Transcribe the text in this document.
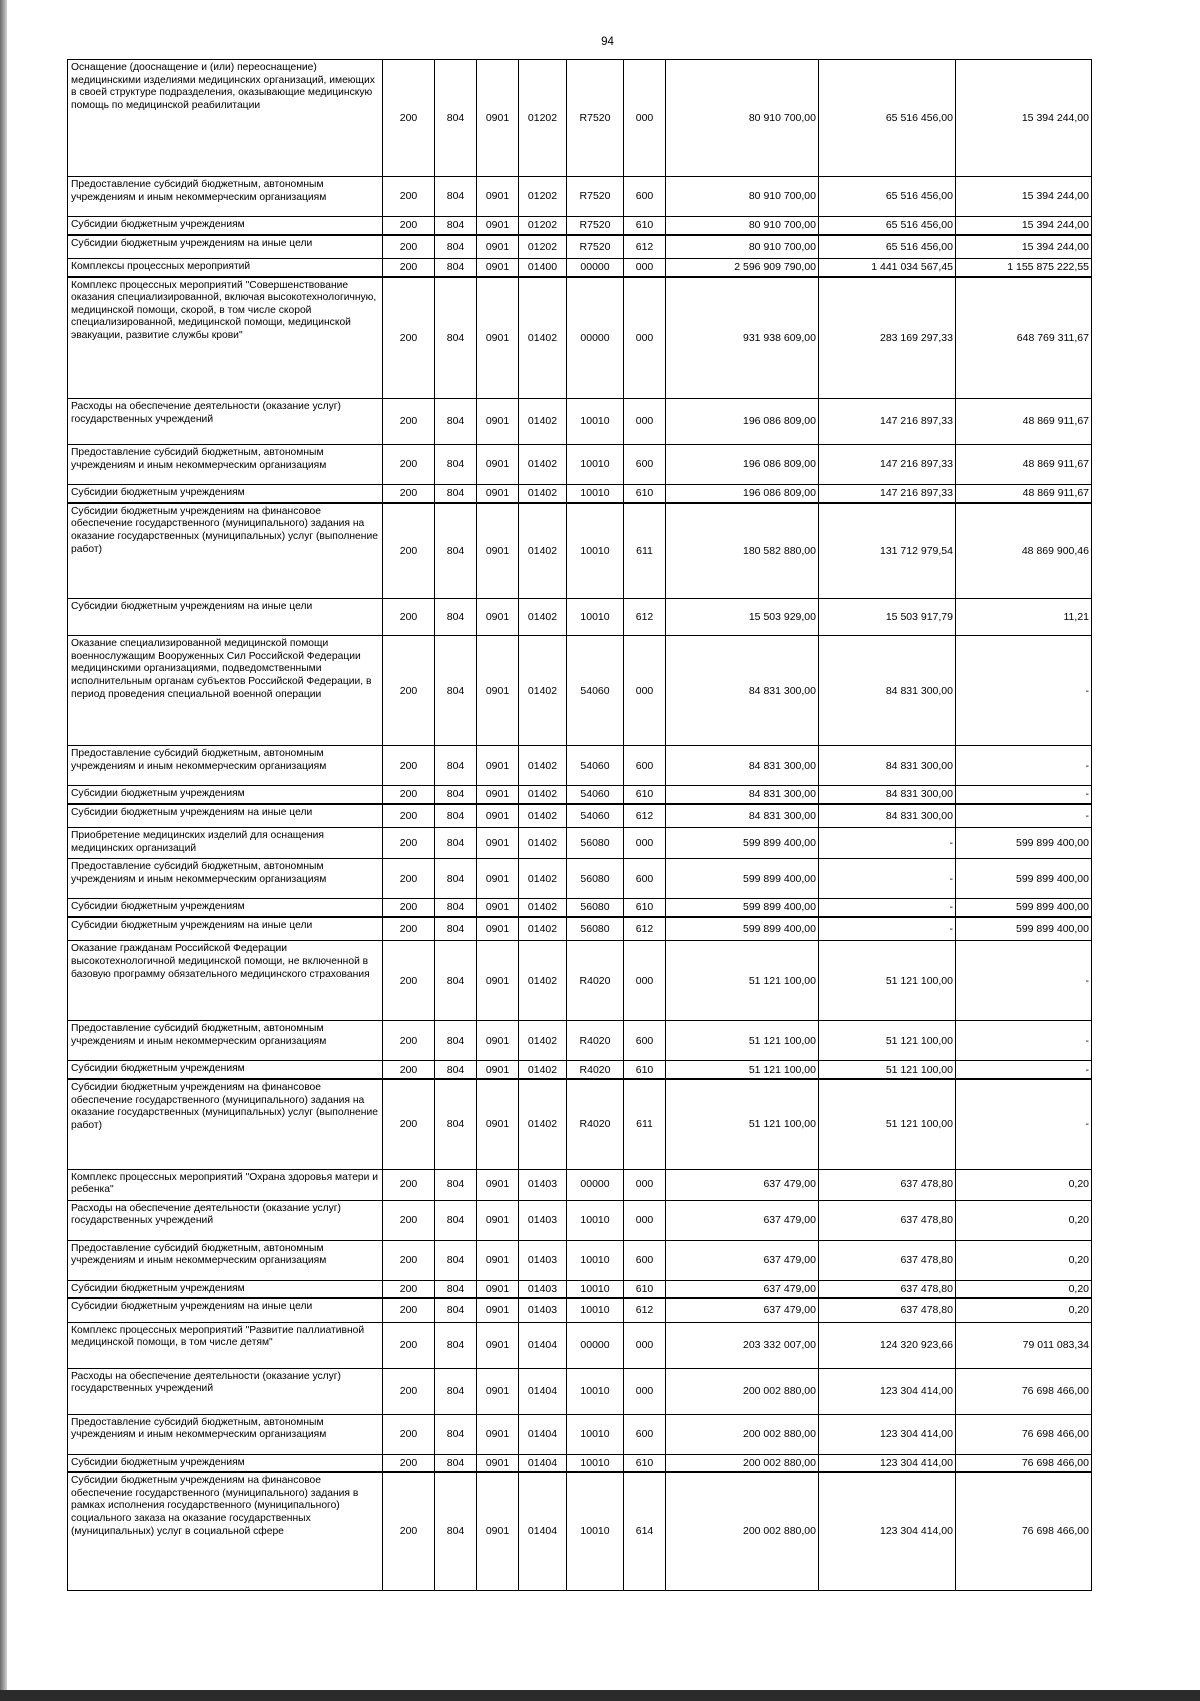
94
Оснащение (дооснащение и (или) переоснащение) медицинскими изделиями медицинских организаций, имеющих в своей структуре подразделения, оказывающие медицинскую помощь по медицинской реабилитации	200	804	0901	01202	R7520	000	80 910 700,00	65 516 456,00	15 394 244,00
Предоставление субсидий бюджетным, автономным учреждениям и иным некоммерческим организациям	200	804	0901	01202	R7520	600	80 910 700,00	65 516 456,00	15 394 244,00
Субсидии бюджетным учреждениям	200	804	0901	01202	R7520	610	80 910 700,00	65 516 456,00	15 394 244,00
Субсидии бюджетным учреждениям на иные цели	200	804	0901	01202	R7520	612	80 910 700,00	65 516 456,00	15 394 244,00
Комплексы процессных мероприятий	200	804	0901	01400	00000	000	2 596 909 790,00	1 441 034 567,45	1 155 875 222,55
Комплекс процессных мероприятий "Совершенствование оказания специализированной, включая высокотехнологичную, медицинской помощи, скорой, в том числе скорой специализированной, медицинской помощи, медицинской эвакуации, развитие службы крови"	200	804	0901	01402	00000	000	931 938 609,00	283 169 297,33	648 769 311,67
Расходы на обеспечение деятельности (оказание услуг) государственных учреждений	200	804	0901	01402	10010	000	196 086 809,00	147 216 897,33	48 869 911,67
Предоставление субсидий бюджетным, автономным учреждениям и иным некоммерческим организациям	200	804	0901	01402	10010	600	196 086 809,00	147 216 897,33	48 869 911,67
Субсидии бюджетным учреждениям	200	804	0901	01402	10010	610	196 086 809,00	147 216 897,33	48 869 911,67
Субсидии бюджетным учреждениям на финансовое обеспечение государственного (муниципального) задания на оказание государственных (муниципальных) услуг (выполнение работ)	200	804	0901	01402	10010	611	180 582 880,00	131 712 979,54	48 869 900,46
Субсидии бюджетным учреждениям на иные цели	200	804	0901	01402	10010	612	15 503 929,00	15 503 917,79	11,21
Оказание специализированной медицинской помощи военнослужащим Вооруженных Сил Российской Федерации медицинскими организациями, подведомственными исполнительным органам субъектов Российской Федерации, в период проведения специальной военной операции	200	804	0901	01402	54060	000	84 831 300,00	84 831 300,00	-
Предоставление субсидий бюджетным, автономным учреждениям и иным некоммерческим организациям	200	804	0901	01402	54060	600	84 831 300,00	84 831 300,00	-
Субсидии бюджетным учреждениям	200	804	0901	01402	54060	610	84 831 300,00	84 831 300,00	-
Субсидии бюджетным учреждениям на иные цели	200	804	0901	01402	54060	612	84 831 300,00	84 831 300,00	-
Приобретение медицинских изделий для оснащения медицинских организаций	200	804	0901	01402	56080	000	599 899 400,00	-	599 899 400,00
Предоставление субсидий бюджетным, автономным учреждениям и иным некоммерческим организациям	200	804	0901	01402	56080	600	599 899 400,00	-	599 899 400,00
Субсидии бюджетным учреждениям	200	804	0901	01402	56080	610	599 899 400,00	-	599 899 400,00
Субсидии бюджетным учреждениям на иные цели	200	804	0901	01402	56080	612	599 899 400,00	-	599 899 400,00
Оказание гражданам Российской Федерации высокотехнологичной медицинской помощи, не включенной в базовую программу обязательного медицинского страхования	200	804	0901	01402	R4020	000	51 121 100,00	51 121 100,00	-
Предоставление субсидий бюджетным, автономным учреждениям и иным некоммерческим организациям	200	804	0901	01402	R4020	600	51 121 100,00	51 121 100,00	-
Субсидии бюджетным учреждениям	200	804	0901	01402	R4020	610	51 121 100,00	51 121 100,00	-
Субсидии бюджетным учреждениям на финансовое обеспечение государственного (муниципального) задания на оказание государственных (муниципальных) услуг (выполнение работ)	200	804	0901	01402	R4020	611	51 121 100,00	51 121 100,00	-
Комплекс процессных мероприятий "Охрана здоровья матери и ребенка"	200	804	0901	01403	00000	000	637 479,00	637 478,80	0,20
Расходы на обеспечение деятельности (оказание услуг) государственных учреждений	200	804	0901	01403	10010	000	637 479,00	637 478,80	0,20
Предоставление субсидий бюджетным, автономным учреждениям и иным некоммерческим организациям	200	804	0901	01403	10010	600	637 479,00	637 478,80	0,20
Субсидии бюджетным учреждениям	200	804	0901	01403	10010	610	637 479,00	637 478,80	0,20
Субсидии бюджетным учреждениям на иные цели	200	804	0901	01403	10010	612	637 479,00	637 478,80	0,20
Комплекс процессных мероприятий "Развитие паллиативной медицинской помощи, в том числе детям"	200	804	0901	01404	00000	000	203 332 007,00	124 320 923,66	79 011 083,34
Расходы на обеспечение деятельности (оказание услуг) государственных учреждений	200	804	0901	01404	10010	000	200 002 880,00	123 304 414,00	76 698 466,00
Предоставление субсидий бюджетным, автономным учреждениям и иным некоммерческим организациям	200	804	0901	01404	10010	600	200 002 880,00	123 304 414,00	76 698 466,00
Субсидии бюджетным учреждениям	200	804	0901	01404	10010	610	200 002 880,00	123 304 414,00	76 698 466,00
Субсидии бюджетным учреждениям на финансовое обеспечение государственного (муниципального) задания в рамках исполнения государственного (муниципального) социального заказа на оказание государственных (муниципальных) услуг в социальной сфере	200	804	0901	01404	10010	614	200 002 880,00	123 304 414,00	76 698 466,00
